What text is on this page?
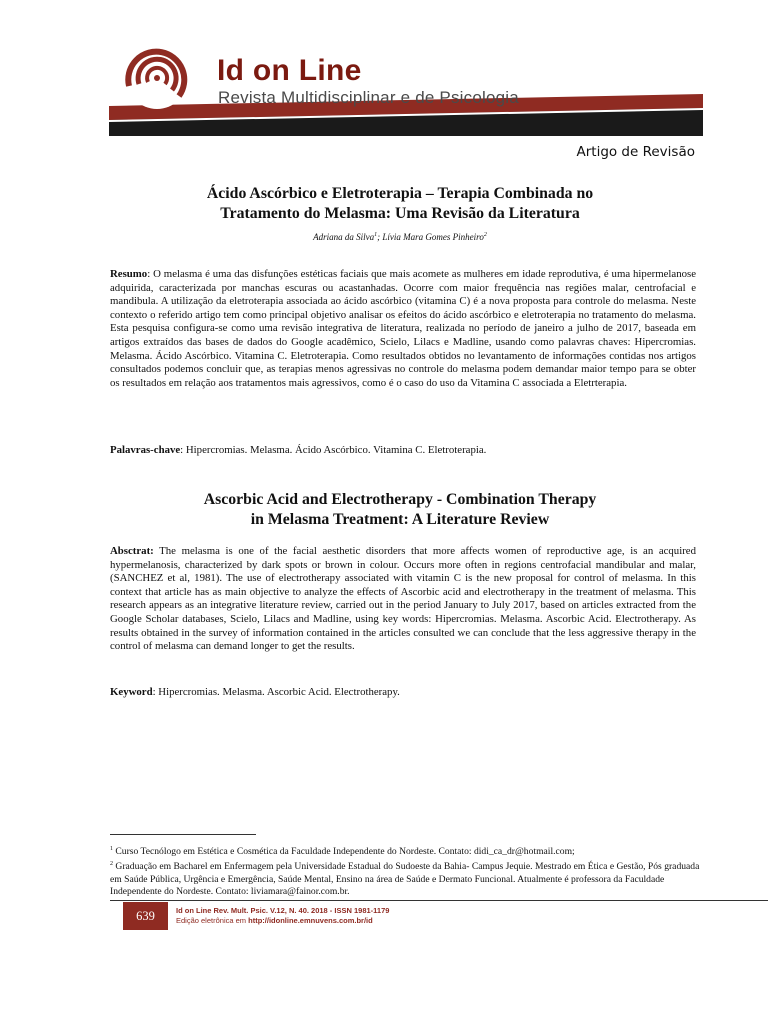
Id on Line
Revista Multidisciplinar e de Psicologia
Artigo de Revisão
Ácido Ascórbico e Eletroterapia – Terapia Combinada no
Tratamento do Melasma: Uma Revisão da Literatura
Adriana da Silva$^1$; Lívia Mara Gomes Pinheiro$^2$

Resumo: O melasma é uma das disfunções estéticas faciais que mais acomete as mulheres em idade reprodutiva, é uma hipermelanose adquirida, caracterizada por manchas escuras ou acastanhadas. Ocorre com maior frequência nas regiões malar, centrofacial e mandibula. A utilização da eletroterapia associada ao ácido ascórbico (vitamina C) é a nova proposta para controle do melasma. Neste contexto o referido artigo tem como principal objetivo analisar os efeitos do ácido ascórbico e eletroterapia no tratamento do melasma. Esta pesquisa configura-se como uma revisão integrativa de literatura, realizada no período de janeiro a julho de 2017, baseada em artigos extraídos das bases de dados do Google acadêmico, Scielo, Lilacs e Madline, usando como palavras chaves: Hipercromias. Melasma. Ácido Ascórbico. Vitamina C. Eletroterapia. Como resultados obtidos no levantamento de informações contidas nos artigos consultados podemos concluir que, as terapias menos agressivas no controle do melasma podem demandar maior tempo para se obter os resultados em relação aos tratamentos mais agressivos, como é o caso do uso da Vitamina C associada a Eletrterapia.

Palavras-chave: Hipercromias. Melasma. Ácido Ascórbico. Vitamina C. Eletroterapia.

Ascorbic Acid and Electrotherapy - Combination Therapy
in Melasma Treatment: A Literature Review

Absctrat: The melasma is one of the facial aesthetic disorders that more affects women of reproductive age, is an acquired hypermelanosis, characterized by dark spots or brown in colour. Occurs more often in regions centrofacial mandibular and malar, (SANCHEZ et al, 1981). The use of electrotherapy associated with vitamin C is the new proposal for control of melasma. In this context that article has as main objective to analyze the effects of Ascorbic acid and electrotherapy in the treatment of melasma. This research appears as an integrative literature review, carried out in the period January to July 2017, based on articles extracted from the Google Scholar databases, Scielo, Lilacs and Madline, using key words: Hipercromias. Melasma. Ascorbic Acid. Electrotherapy. As results obtained in the survey of information contained in the articles consulted we can conclude that the less aggressive therapy in the control of melasma can demand longer to get the results.

Keyword: Hipercromias. Melasma. Ascorbic Acid. Electrotherapy.

$^1$ Curso Tecnólogo em Estética e Cosmética da Faculdade Independente do Nordeste. Contato: didi_ca_dr@hotmail.com;

$^2$ Graduação em Bacharel em Enfermagem pela Universidade Estadual do Sudoeste da Bahia- Campus Jequie. Mestrado em Ética e Gestão, Pós graduada em Saúde Pública, Urgência e Emergência, Saúde Mental, Ensino na área de Saúde e Dermato Funcional. Atualmente é professora da Faculdade Independente do Nordeste. Contato: liviamara@fainor.com.br.

639	Id on Line Rev. Mult. Psic. V.12, N. 40. 2018 - ISSN 1981-1179
Edição eletrônica em http://idonline.emnuvens.com.br/id
